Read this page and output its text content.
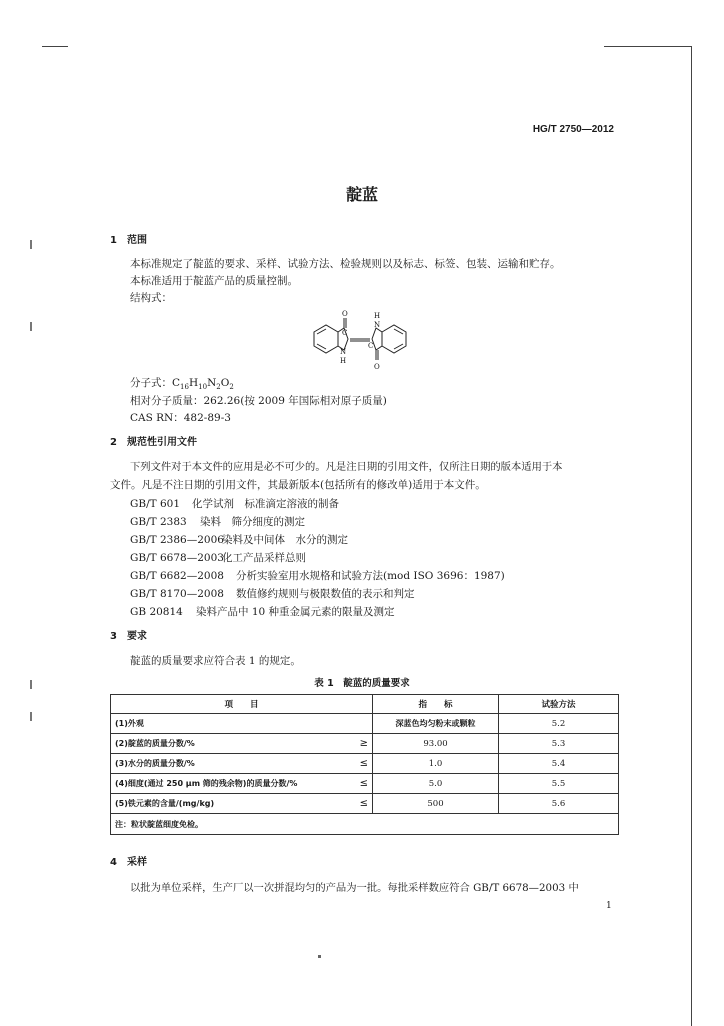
HG/T 2750—2012
靛蓝
1　范围
本标准规定了靛蓝的要求、采样、试验方法、检验规则以及标志、标签、包装、运输和贮存。
本标准适用于靛蓝产品的质量控制。
结构式：
O
C
N
H
H
N
C
O
分子式：$C_{16}H_{10}N_2O_2$
相对分子质量：262.26(按 2009 年国际相对原子质量)
CAS RN：482-89-3
2　规范性引用文件
下列文件对于本文件的应用是必不可少的。凡是注日期的引用文件，仅所注日期的版本适用于本
文件。凡是不注日期的引用文件，其最新版本(包括所有的修改单)适用于本文件。
GB/T 601 化学试剂　标准滴定溶液的制备
GB/T 2383 染料　筛分细度的测定
GB/T 2386—2006
染料及中间体　水分的测定
GB/T 6678—2003
化工产品采样总则
GB/T 6682—2008 分析实验室用水规格和试验方法(mod ISO 3696：1987)
GB/T 8170—2008 数值修约规则与极限数值的表示和判定
GB 20814 染料产品中 10 种重金属元素的限量及测定
3　要求
靛蓝的质量要求应符合表 1 的规定。
表 1　靛蓝的质量要求
项　　目	指　　标	试验方法
(1)外观	深蓝色均匀粉末或颗粒	5.2
(2)靛蓝的质量分数/% ≥	93.00	5.3
(3)水分的质量分数/% ≤	1.0	5.4
(4)细度(通过 250 μm 筛的残余物)的质量分数/% ≤	5.0	5.5
(5)铁元素的含量/(mg/kg) ≤	500	5.6
注：粒状靛蓝细度免检。		
4　采样
以批为单位采样，生产厂以一次拼混均匀的产品为一批。每批采样数应符合 GB/T 6678—2003 中
1
